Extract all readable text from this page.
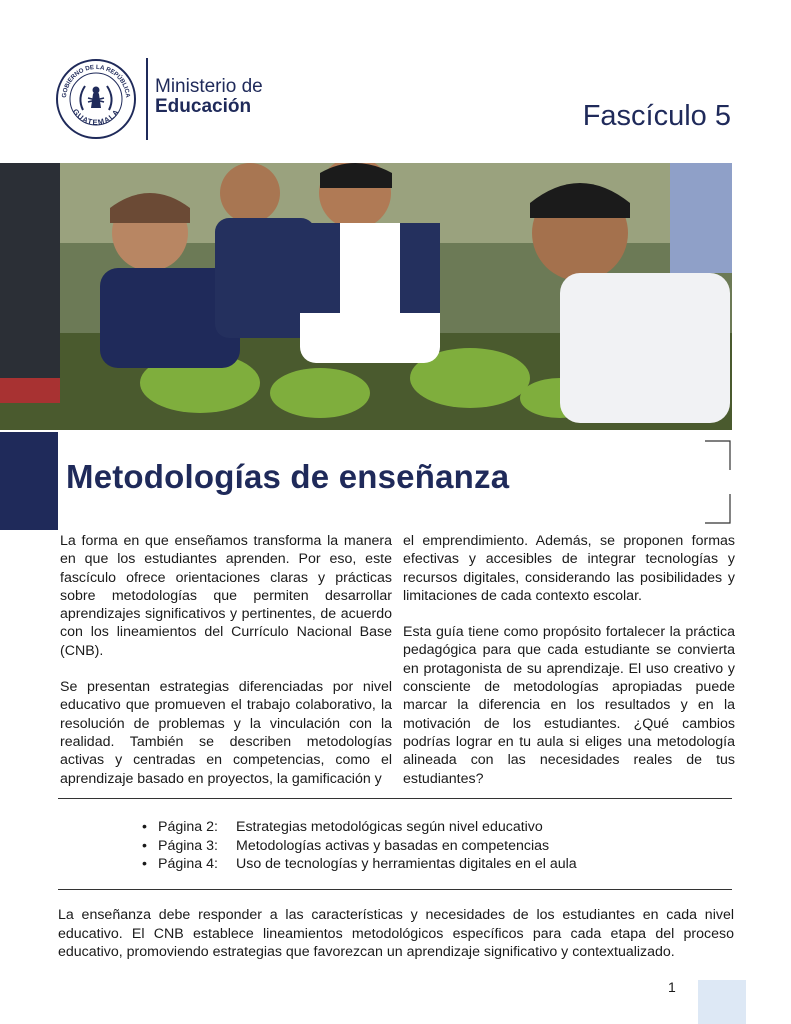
GOBIERNO DE LA REPÚBLICA
GUATEMALA
Ministerio de
Educación	Fascículo 5
Metodologías de enseñanza

La forma en que enseñamos transforma la manera en que los estudiantes aprenden. Por eso, este fascículo ofrece orientaciones claras y prácticas sobre metodologías que permiten desarrollar aprendizajes significativos y pertinentes, de acuerdo con los lineamientos del Currículo Nacional Base (CNB).

Se presentan estrategias diferenciadas por nivel educativo que promueven el trabajo colaborativo, la resolución de problemas y la vinculación con la realidad. También se describen metodologías activas y centradas en competencias, como el aprendizaje basado en proyectos, la gamificación y

el emprendimiento. Además, se proponen formas efectivas y accesibles de integrar tecnologías y recursos digitales, considerando las posibilidades y limitaciones de cada contexto escolar.

Esta guía tiene como propósito fortalecer la práctica pedagógica para que cada estudiante se convierta en protagonista de su aprendizaje. El uso creativo y consciente de metodologías apropiadas puede marcar la diferencia en los resultados y en la motivación de los estudiantes. ¿Qué cambios podrías lograr en tu aula si eliges una metodología alineada con las necesidades reales de tus estudiantes?

• Página 2:	Estrategias metodológicas según nivel educativo
• Página 3:	Metodologías activas y basadas en competencias
• Página 4:	Uso de tecnologías y herramientas digitales en el aula

La enseñanza debe responder a las características y necesidades de los estudiantes en cada nivel educativo. El CNB establece lineamientos metodológicos específicos para cada etapa del proceso educativo, promoviendo estrategias que favorezcan un aprendizaje significativo y contextualizado.

1
